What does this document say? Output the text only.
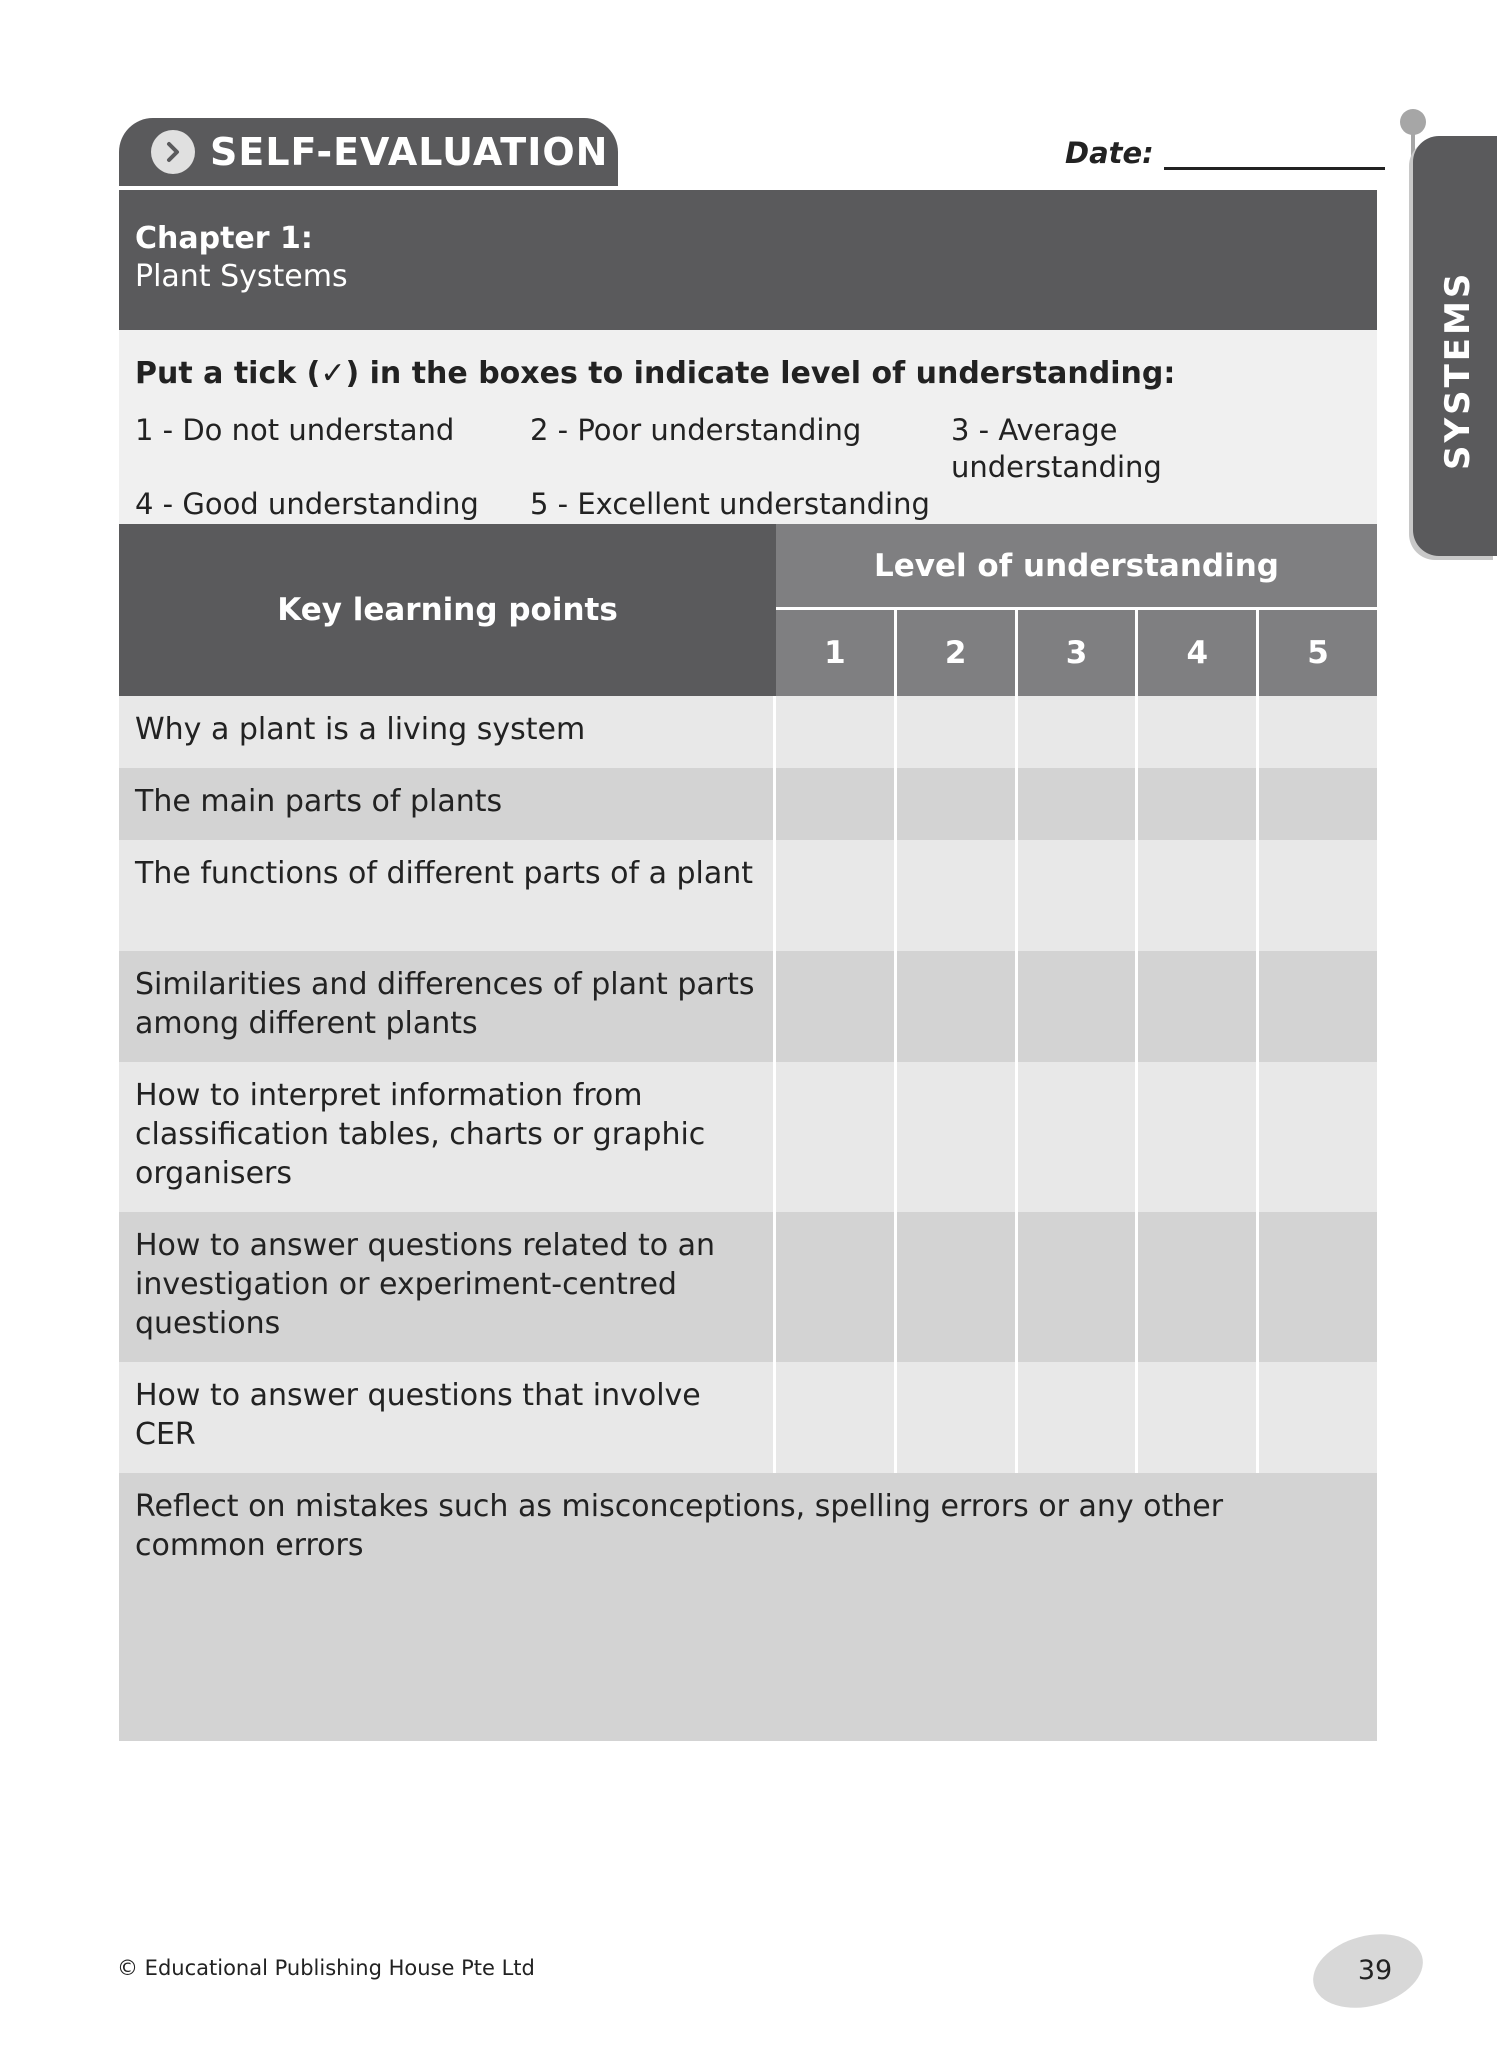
SELF-EVALUATION	Date:
SYSTEMS
Chapter 1:
Plant Systems
Put a tick (✓) in the boxes to indicate level of understanding:
1 - Do not understand	2 - Poor understanding	3 - Average understanding
4 - Good understanding	5 - Excellent understanding
Key learning points
Level of understanding
1	2	3	4	5
Why a plant is a living system
The main parts of plants
The functions of different parts of a plant
Similarities and differences of plant parts among different plants
How to interpret information from classification tables, charts or graphic organisers
How to answer questions related to an investigation or experiment-centred questions
How to answer questions that involve CER
Reflect on mistakes such as misconceptions, spelling errors or any other common errors
© Educational Publishing House Pte Ltd	39
